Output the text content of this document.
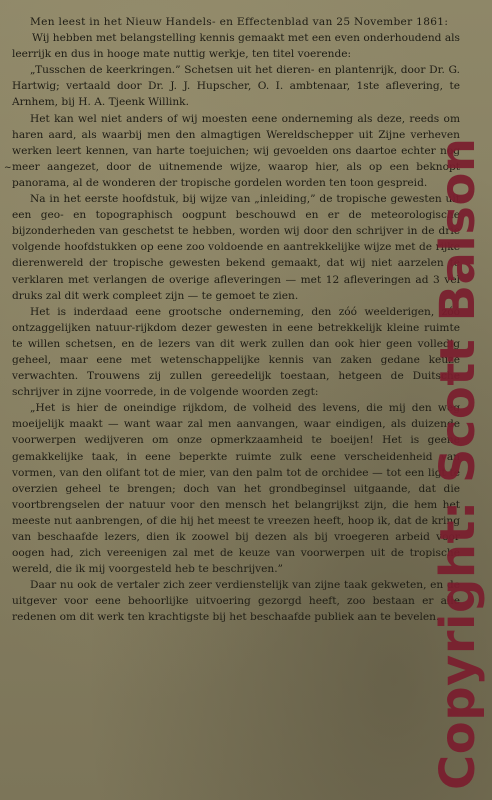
Men leest in het Nieuw Handels- en Effectenblad van 25 November 1861:

Wij hebben met belangstelling kennis gemaakt met een even onderhoudend als leerrijk en dus in hooge mate nuttig werkje, ten titel voerende:

„Tusschen de keerkringen.” Schetsen uit het dieren- en plantenrijk, door Dr. G. Hartwig; vertaald door Dr. J. J. Hupscher, O. I. ambtenaar, 1ste aflevering, te Arnhem, bij H. A. Tjeenk Willink.

Het kan wel niet anders of wij moesten eene onderneming als deze, reeds om haren aard, als waarbij men den almagtigen Wereldschepper uit Zijne verheven werken leert kennen, van harte toejuichen; wij gevoelden ons daartoe echter nog meer aangezet, door de uitnemende wijze, waarop hier, als op een beknopt panorama, al de wonderen der tropische gordelen worden ten toon gespreid.

Na in het eerste hoofdstuk, bij wijze van „inleiding,” de tropische gewesten uit een geo- en topographisch oogpunt beschouwd en er de meteorologische bijzonderheden van geschetst te hebben, worden wij door den schrijver in de drie volgende hoofdstukken op eene zoo voldoende en aantrekkelijke wijze met de rijke dierenwereld der tropische gewesten bekend gemaakt, dat wij niet aarzelen te verklaren met verlangen de overige afleveringen — met 12 afleveringen ad 3 vel druks zal dit werk compleet zijn — te gemoet te zien.

Het is inderdaad eene grootsche onderneming, den zóó weelderigen, zóó ontzaggelijken natuur-rijkdom dezer gewesten in eene betrekkelijk kleine ruimte te willen schetsen, en de lezers van dit werk zullen dan ook hier geen volledig geheel, maar eene met wetenschappelijke kennis van zaken gedane keuze verwachten. Trouwens zij zullen gereedelijk toestaan, hetgeen de Duitsche schrijver in zijne voorrede, in de volgende woorden zegt:

„Het is hier de oneindige rijkdom, de volheid des levens, die mij den weg moeijelijk maakt — want waar zal men aanvangen, waar eindigen, als duizende voorwerpen wedijveren om onze opmerkzaamheid te boeijen! Het is geene gemakkelijke taak, in eene beperkte ruimte zulk eene verscheidenheid van vormen, van den olifant tot de mier, van den palm tot de orchidee — tot een ligt te overzien geheel te brengen; doch van het grondbeginsel uitgaande, dat die voortbrengselen der natuur voor den mensch het belangrijkst zijn, die hem het meeste nut aanbrengen, of die hij het meest te vreezen heeft, hoop ik, dat de kring van beschaafde lezers, dien ik zoowel bij dezen als bij vroegeren arbeid voor oogen had, zich vereenigen zal met de keuze van voorwerpen uit de tropische wereld, die ik mij voorgesteld heb te beschrijven.”

Daar nu ook de vertaler zich zeer verdienstelijk van zijne taak gekweten, en de uitgever voor eene behoorlijke uitvoering gezorgd heeft, zoo bestaan er alle redenen om dit werk ten krachtigste bij het beschaafde publiek aan te bevelen.

~	Copyright: Scott Balson
